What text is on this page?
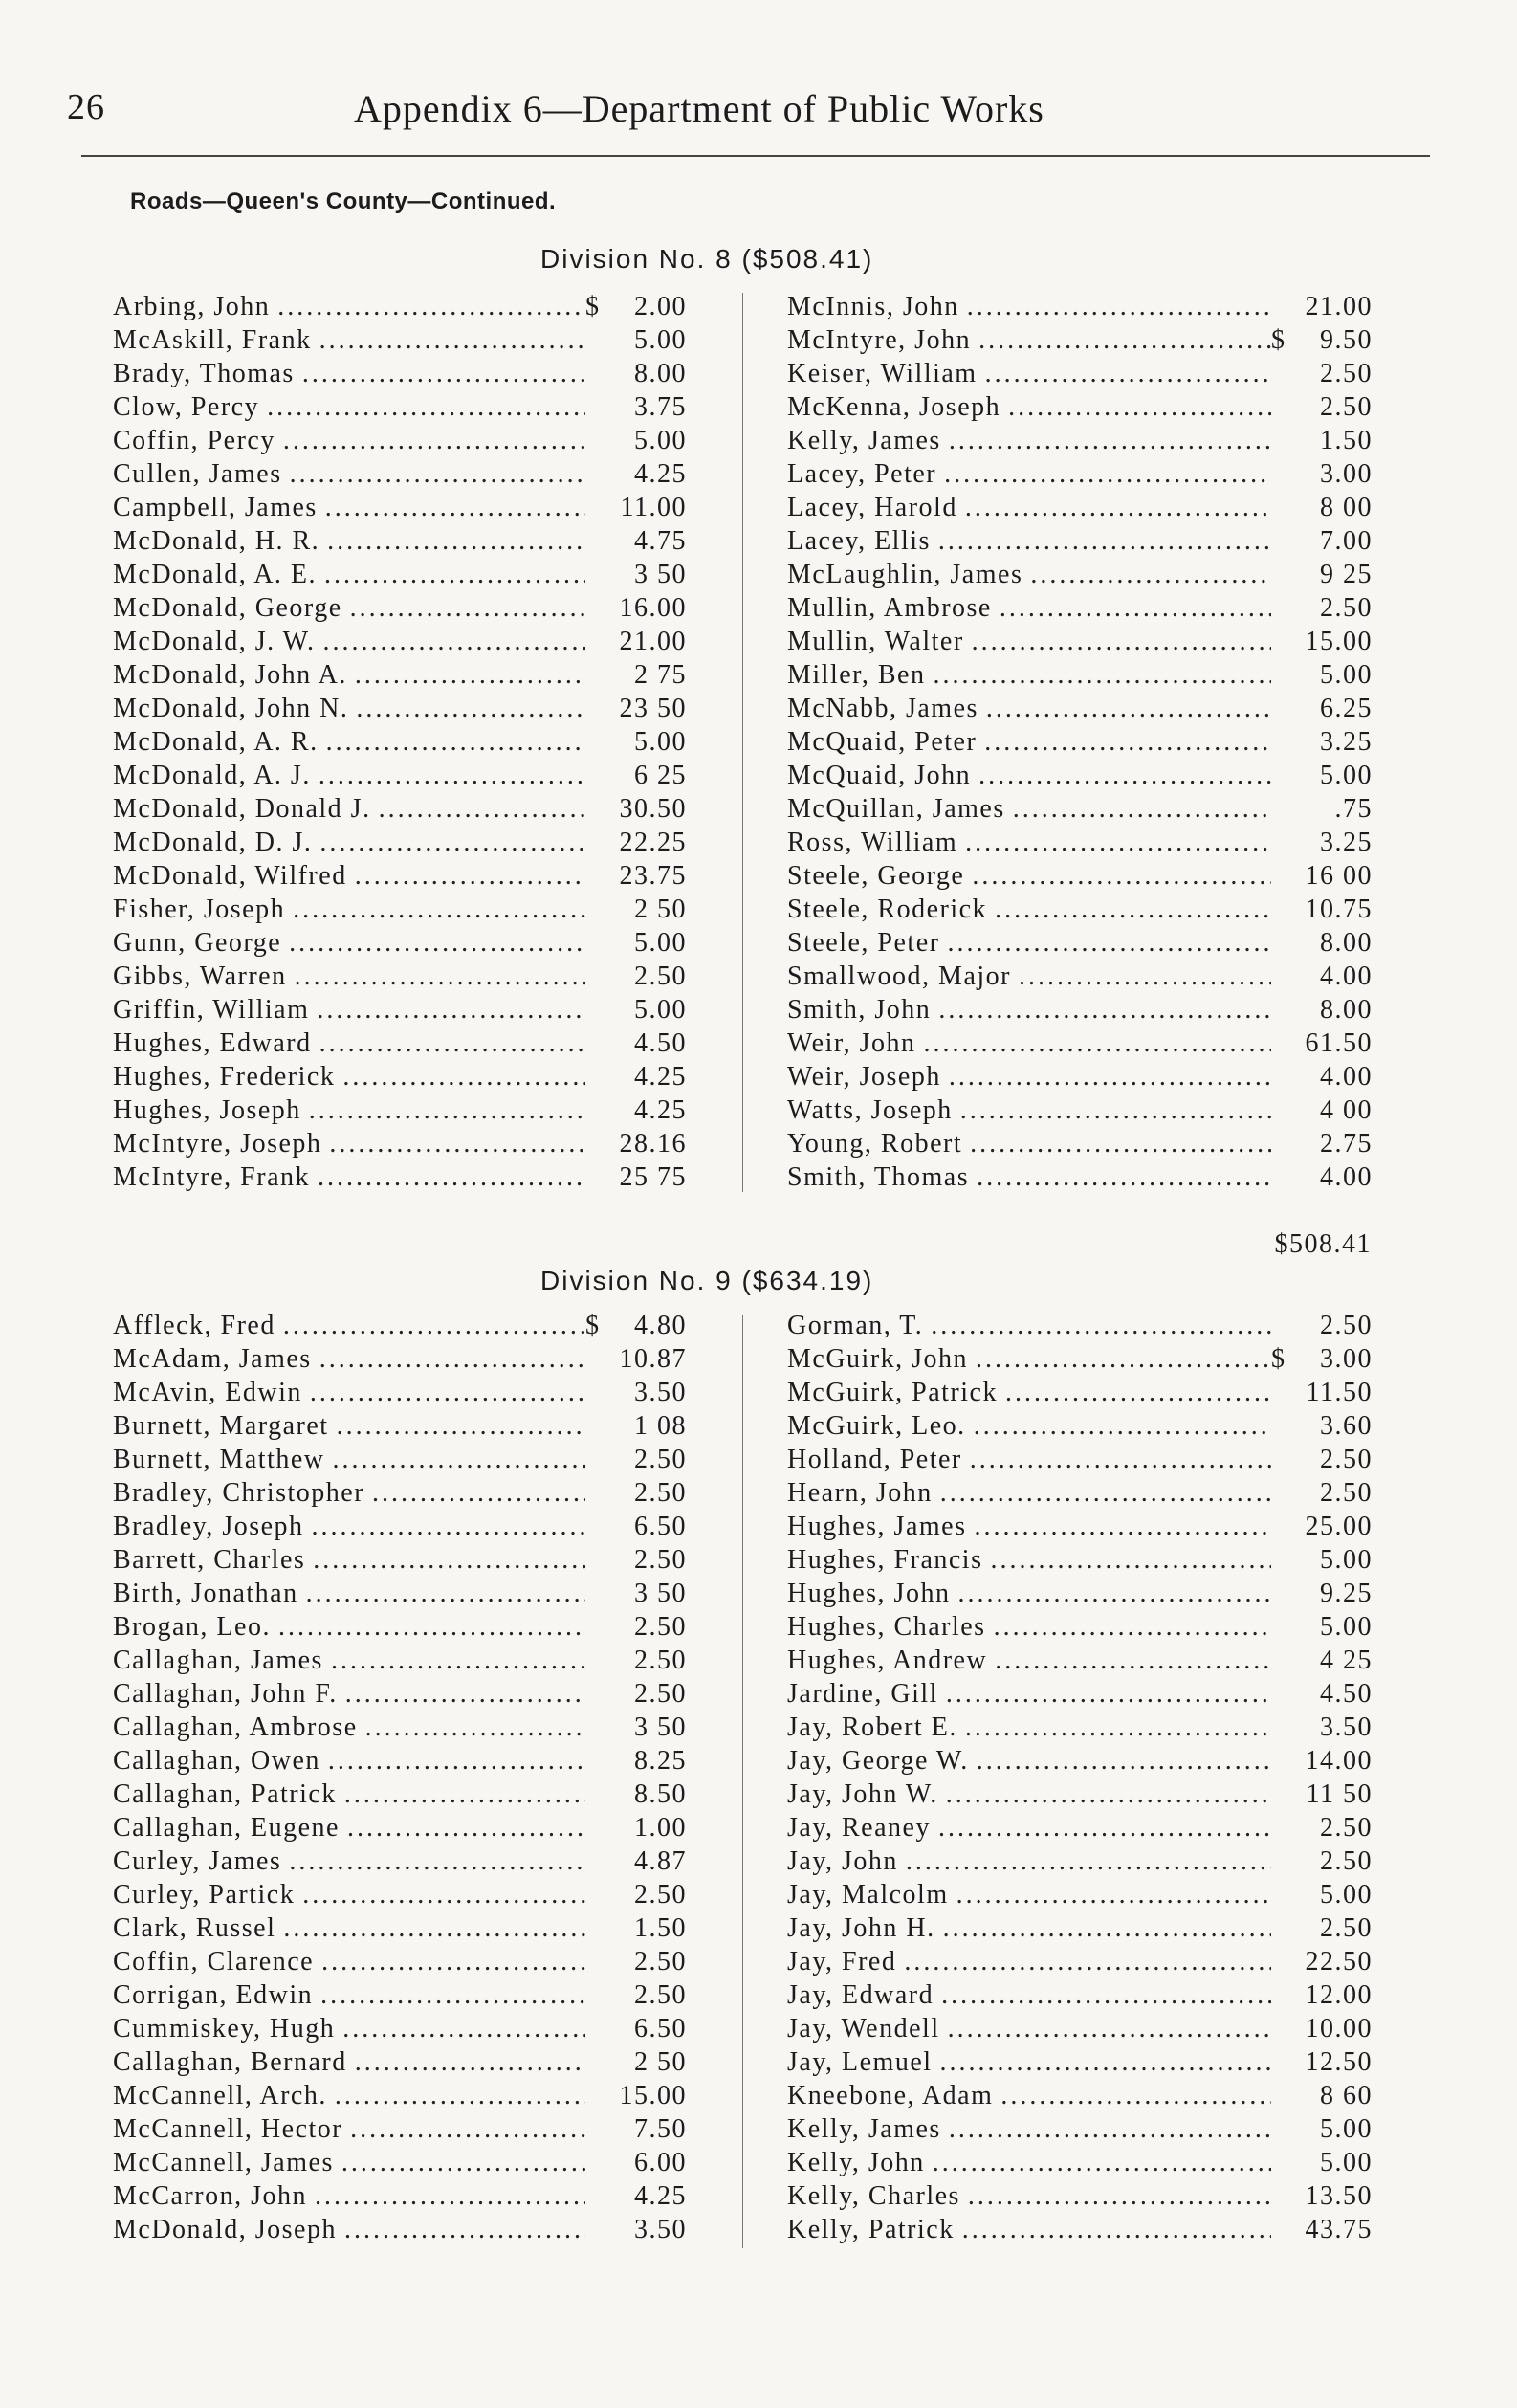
26	Appendix 6—Department of Public Works
Roads—Queen's County—Continued.
Division No. 8 ($508.41)
Arbing, John .....	$	2.00
McAskill, Frank .....	5.00
Brady, Thomas .....	8.00
Clow, Percy .....	3.75
Coffin, Percy .....	5.00
Cullen, James .....	4.25
Campbell, James .....	11.00
McDonald, H. R. .....	4.75
McDonald, A. E. .....	3 50
McDonald, George .....	16.00
McDonald, J. W. .....	21.00
McDonald, John A. .....	2 75
McDonald, John N. .....	23 50
McDonald, A. R. .....	5.00
McDonald, A. J. .....	6 25
McDonald, Donald J. .....	30.50
McDonald, D. J. .....	22.25
McDonald, Wilfred .....	23.75
Fisher, Joseph .....	2 50
Gunn, George .....	5.00
Gibbs, Warren .....	2.50
Griffin, William .....	5.00
Hughes, Edward .....	4.50
Hughes, Frederick .....	4.25
Hughes, Joseph .....	4.25
McIntyre, Joseph .....	28.16
McIntyre, Frank .....	25 75
McInnis, John .....	21.00
McIntyre, John .....	$	9.50
Keiser, William .....	2.50
McKenna, Joseph .....	2.50
Kelly, James .....	1.50
Lacey, Peter .....	3.00
Lacey, Harold .....	8 00
Lacey, Ellis .....	7.00
McLaughlin, James .....	9 25
Mullin, Ambrose .....	2.50
Mullin, Walter .....	15.00
Miller, Ben .....	5.00
McNabb, James .....	6.25
McQuaid, Peter .....	3.25
McQuaid, John .....	5.00
McQuillan, James .....	.75
Ross, William .....	3.25
Steele, George .....	16 00
Steele, Roderick .....	10.75
Steele, Peter .....	8.00
Smallwood, Major .....	4.00
Smith, John .....	8.00
Weir, John .....	61.50
Weir, Joseph .....	4.00
Watts, Joseph .....	4 00
Young, Robert .....	2.75
Smith, Thomas .....	4.00
$508.41
Division No. 9 ($634.19)
Affleck, Fred .....	$	4.80
McAdam, James .....	10.87
McAvin, Edwin .....	3.50
Burnett, Margaret .....	1 08
Burnett, Matthew .....	2.50
Bradley, Christopher .....	2.50
Bradley, Joseph .....	6.50
Barrett, Charles .....	2.50
Birth, Jonathan .....	3 50
Brogan, Leo. .....	2.50
Callaghan, James .....	2.50
Callaghan, John F. .....	2.50
Callaghan, Ambrose .....	3 50
Callaghan, Owen .....	8.25
Callaghan, Patrick .....	8.50
Callaghan, Eugene .....	1.00
Curley, James .....	4.87
Curley, Partick .....	2.50
Clark, Russel .....	1.50
Coffin, Clarence .....	2.50
Corrigan, Edwin .....	2.50
Cummiskey, Hugh .....	6.50
Callaghan, Bernard .....	2 50
McCannell, Arch. .....	15.00
McCannell, Hector .....	7.50
McCannell, James .....	6.00
McCarron, John .....	4.25
McDonald, Joseph .....	3.50
Gorman, T. .....	2.50
McGuirk, John .....	$	3.00
McGuirk, Patrick .....	11.50
McGuirk, Leo. .....	3.60
Holland, Peter .....	2.50
Hearn, John .....	2.50
Hughes, James .....	25.00
Hughes, Francis .....	5.00
Hughes, John .....	9.25
Hughes, Charles .....	5.00
Hughes, Andrew .....	4 25
Jardine, Gill .....	4.50
Jay, Robert E. .....	3.50
Jay, George W. .....	14.00
Jay, John W. .....	11 50
Jay, Reaney .....	2.50
Jay, John .....	2.50
Jay, Malcolm .....	5.00
Jay, John H. .....	2.50
Jay, Fred .....	22.50
Jay, Edward .....	12.00
Jay, Wendell .....	10.00
Jay, Lemuel .....	12.50
Kneebone, Adam .....	8 60
Kelly, James .....	5.00
Kelly, John .....	5.00
Kelly, Charles .....	13.50
Kelly, Patrick .....	43.75
